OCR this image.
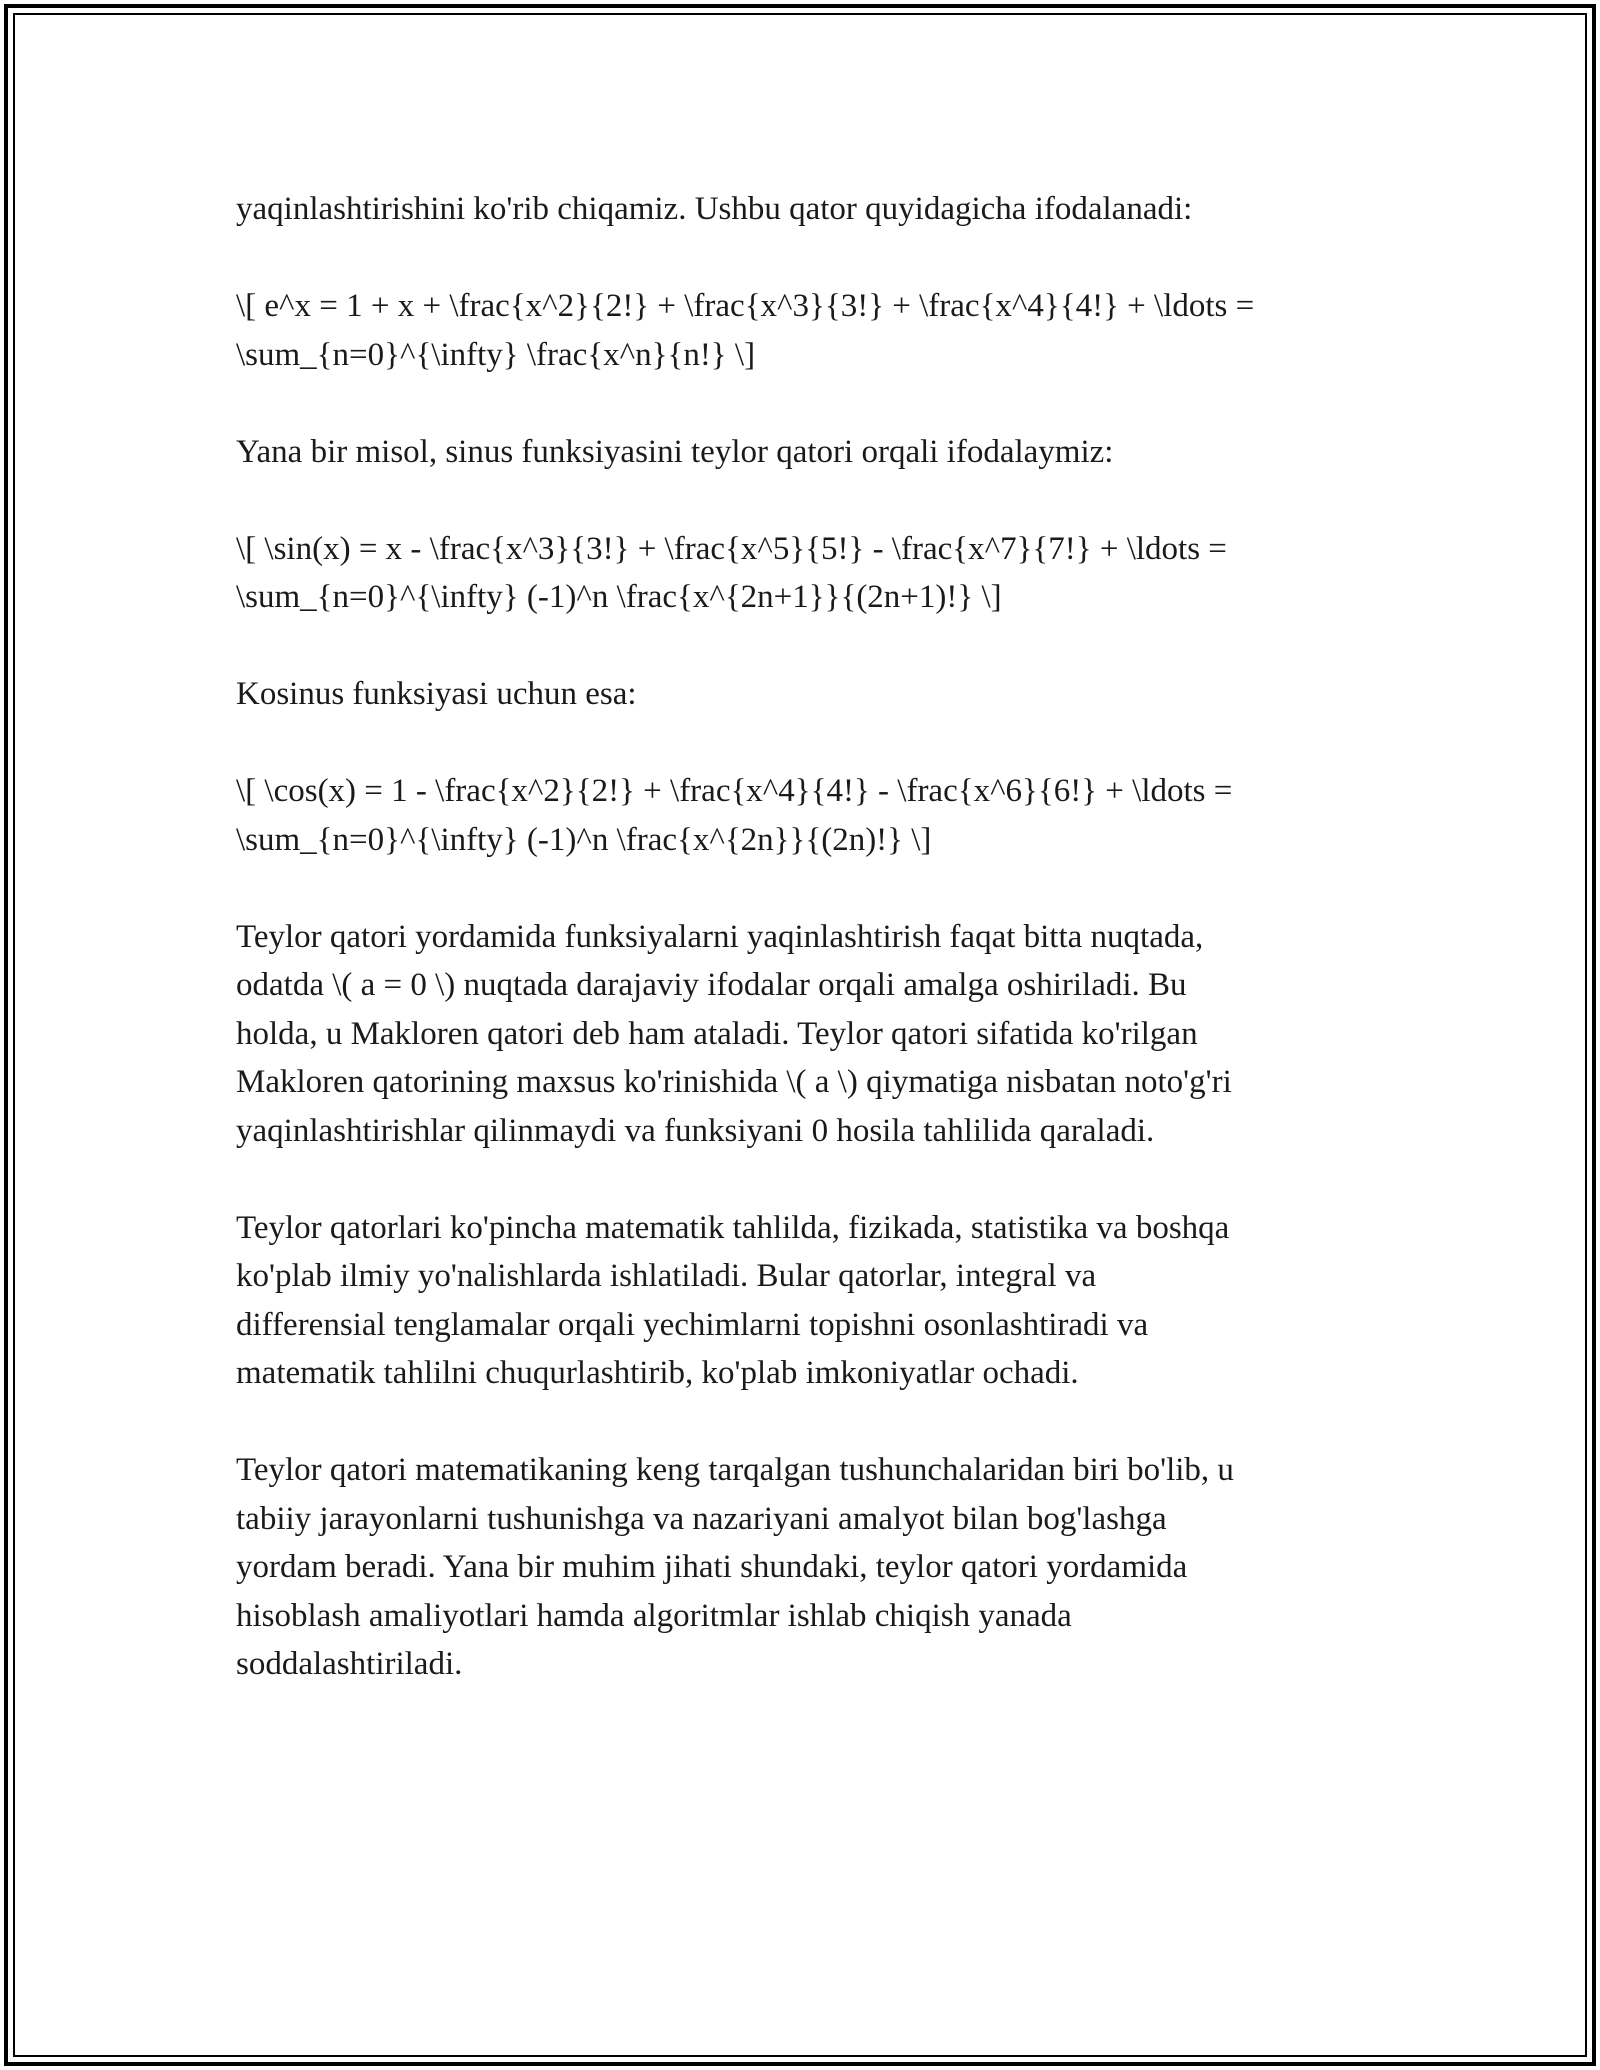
yaqinlashtirishini ko'rib chiqamiz. Ushbu qator quyidagicha ifodalanadi:

\[ e^x = 1 + x + \frac{x^2}{2!} + \frac{x^3}{3!} + \frac{x^4}{4!} + \ldots =
\sum_{n=0}^{\infty} \frac{x^n}{n!} \]

Yana bir misol, sinus funksiyasini teylor qatori orqali ifodalaymiz:

\[ \sin(x) = x - \frac{x^3}{3!} + \frac{x^5}{5!} - \frac{x^7}{7!} + \ldots =
\sum_{n=0}^{\infty} (-1)^n \frac{x^{2n+1}}{(2n+1)!} \]

Kosinus funksiyasi uchun esa:

\[ \cos(x) = 1 - \frac{x^2}{2!} + \frac{x^4}{4!} - \frac{x^6}{6!} + \ldots =
\sum_{n=0}^{\infty} (-1)^n \frac{x^{2n}}{(2n)!} \]

Teylor qatori yordamida funksiyalarni yaqinlashtirish faqat bitta nuqtada,
odatda \( a = 0 \) nuqtada darajaviy ifodalar orqali amalga oshiriladi. Bu
holda, u Makloren qatori deb ham ataladi. Teylor qatori sifatida ko'rilgan
Makloren qatorining maxsus ko'rinishida \( a \) qiymatiga nisbatan noto'g'ri
yaqinlashtirishlar qilinmaydi va funksiyani 0 hosila tahlilida qaraladi.

Teylor qatorlari ko'pincha matematik tahlilda, fizikada, statistika va boshqa
ko'plab ilmiy yo'nalishlarda ishlatiladi. Bular qatorlar, integral va
differensial tenglamalar orqali yechimlarni topishni osonlashtiradi va
matematik tahlilni chuqurlashtirib, ko'plab imkoniyatlar ochadi.

Teylor qatori matematikaning keng tarqalgan tushunchalaridan biri bo'lib, u
tabiiy jarayonlarni tushunishga va nazariyani amalyot bilan bog'lashga
yordam beradi. Yana bir muhim jihati shundaki, teylor qatori yordamida
hisoblash amaliyotlari hamda algoritmlar ishlab chiqish yanada
soddalashtiriladi.
